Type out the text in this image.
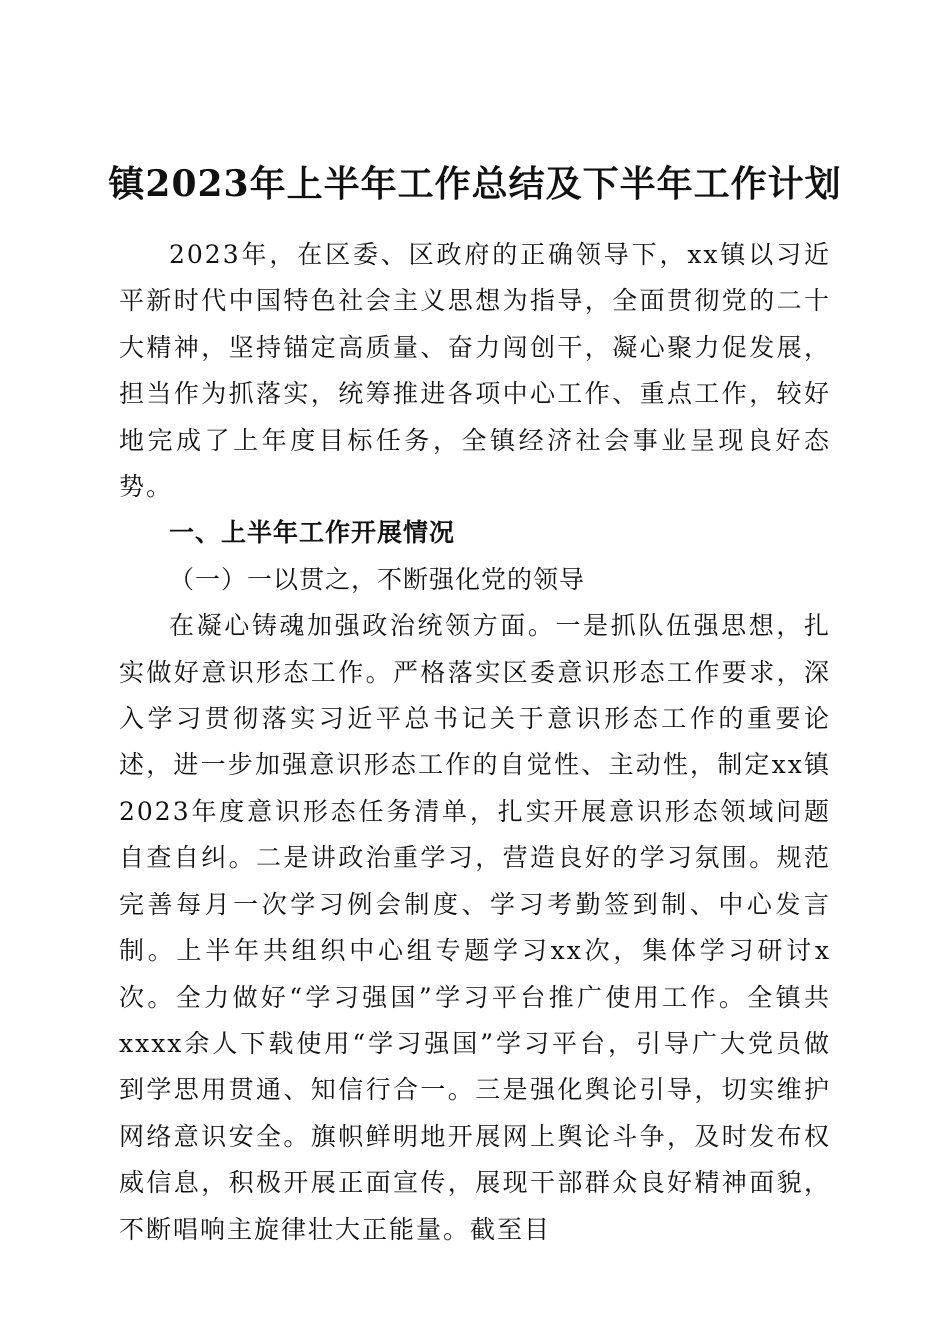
镇2023年上半年工作总结及下半年工作计划

2023年，在区委、区政府的正确领导下，xx镇以习近平新时代中国特色社会主义思想为指导，全面贯彻党的二十大精神，坚持锚定高质量、奋力闯创干，凝心聚力促发展，担当作为抓落实，统筹推进各项中心工作、重点工作，较好地完成了上年度目标任务，全镇经济社会事业呈现良好态势。

一、上半年工作开展情况

（一）一以贯之，不断强化党的领导

在凝心铸魂加强政治统领方面。一是抓队伍强思想，扎实做好意识形态工作。严格落实区委意识形态工作要求，深入学习贯彻落实习近平总书记关于意识形态工作的重要论述，进一步加强意识形态工作的自觉性、主动性，制定xx镇2023年度意识形态任务清单，扎实开展意识形态领域问题自查自纠。二是讲政治重学习，营造良好的学习氛围。规范完善每月一次学习例会制度、学习考勤签到制、中心发言制。上半年共组织中心组专题学习xx次，集体学习研讨x次。全力做好“学习强国”学习平台推广使用工作。全镇共xxxx余人下载使用“学习强国”学习平台，引导广大党员做到学思用贯通、知信行合一。三是强化舆论引导，切实维护网络意识安全。旗帜鲜明地开展网上舆论斗争，及时发布权威信息，积极开展正面宣传，展现干部群众良好精神面貌，不断唱响主旋律壮大正能量。截至目
